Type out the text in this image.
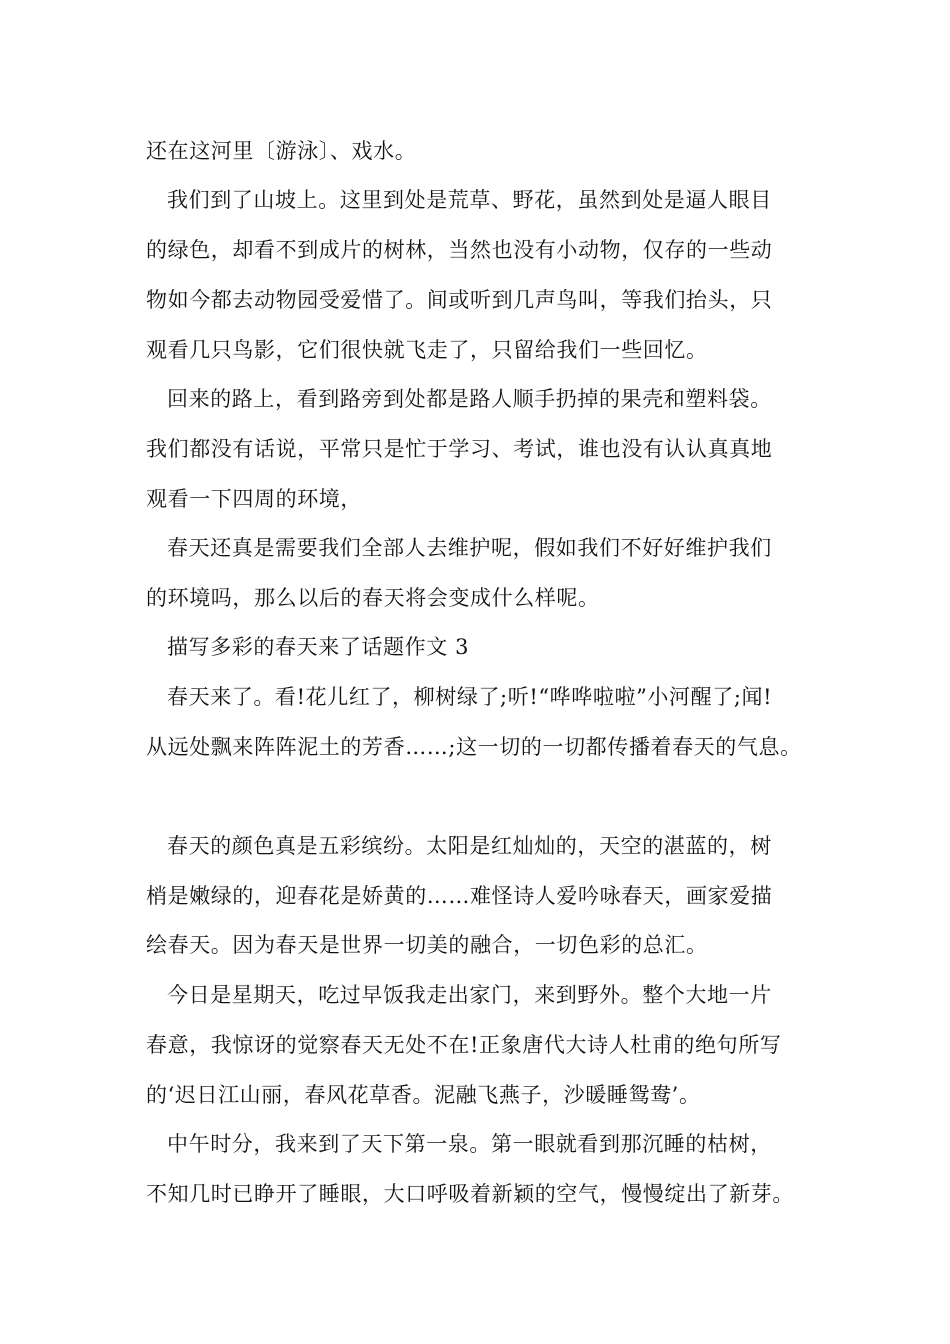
还在这河里〔游泳〕、戏水。
我们到了山坡上。这里到处是荒草、野花，虽然到处是逼人眼目
的绿色，却看不到成片的树林，当然也没有小动物，仅存的一些动
物如今都去动物园受爱惜了。间或听到几声鸟叫，等我们抬头，只
观看几只鸟影，它们很快就飞走了，只留给我们一些回忆。
回来的路上，看到路旁到处都是路人顺手扔掉的果壳和塑料袋。
我们都没有话说，平常只是忙于学习、考试，谁也没有认认真真地
观看一下四周的环境，
春天还真是需要我们全部人去维护呢，假如我们不好好维护我们
的环境吗，那么以后的春天将会变成什么样呢。
描写多彩的春天来了话题作文 3
春天来了。看!花儿红了，柳树绿了;听!“哗哗啦啦”小河醒了;闻!
从远处飘来阵阵泥土的芳香……;这一切的一切都传播着春天的气息。
春天的颜色真是五彩缤纷。太阳是红灿灿的，天空的湛蓝的，树
梢是嫩绿的，迎春花是娇黄的……难怪诗人爱吟咏春天，画家爱描
绘春天。因为春天是世界一切美的融合，一切色彩的总汇。
今日是星期天，吃过早饭我走出家门，来到野外。整个大地一片
春意，我惊讶的觉察春天无处不在!正象唐代大诗人杜甫的绝句所写
的‘迟日江山丽，春风花草香。泥融飞燕子，沙暖睡鸳鸯’。
中午时分，我来到了天下第一泉。第一眼就看到那沉睡的枯树，
不知几时已睁开了睡眼，大口呼吸着新颖的空气，慢慢绽出了新芽。
